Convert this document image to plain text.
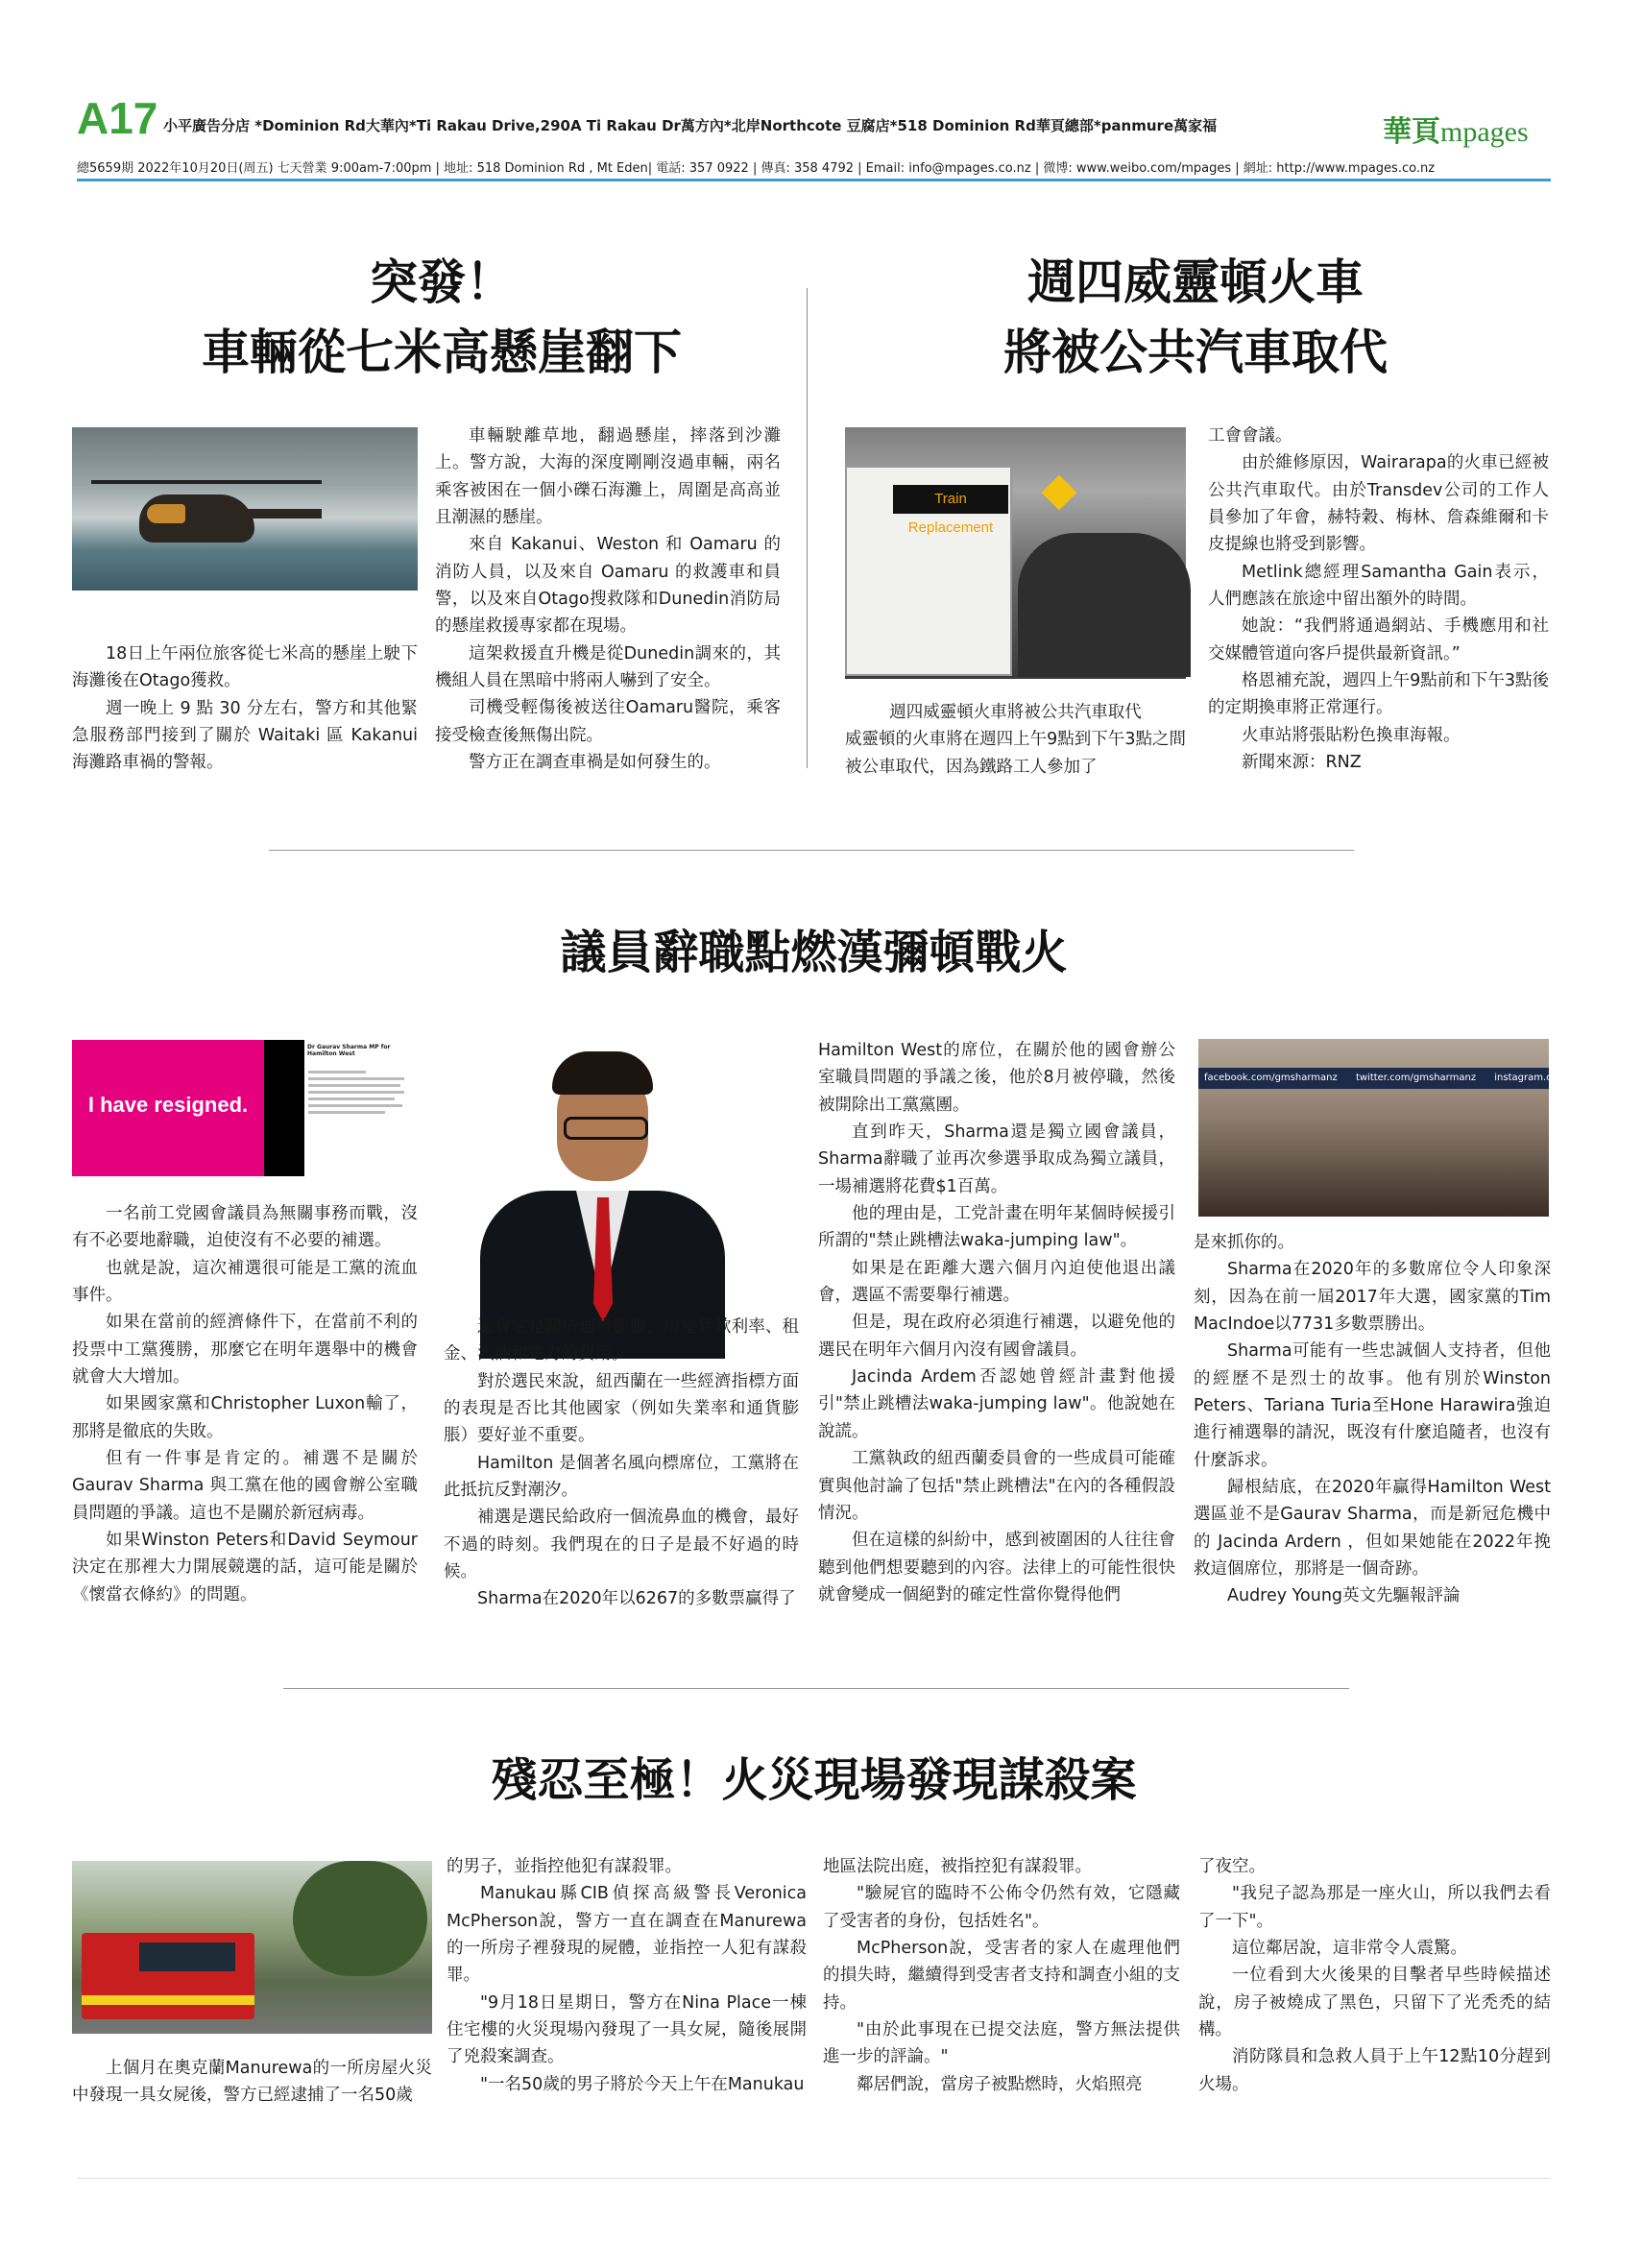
A17 小平廣告分店 *Dominion Rd大華內*Ti Rakau Drive,290A Ti Rakau Dr萬方內*北岸Northcote 豆腐店*518 Dominion Rd華頁總部*panmure萬家福	華頁mpages
總5659期 2022年10月20日(周五) 七天營業 9:00am-7:00pm | 地址: 518 Dominion Rd , Mt Eden| 電話: 357 0922 | 傳真: 358 4792 | Email: info@mpages.co.nz | 微博: www.weibo.com/mpages | 網址: http://www.mpages.co.nz
突發！
車輛從七米高懸崖翻下

18日上午兩位旅客從七米高的懸崖上駛下海灘後在Otago獲救。

週一晚上 9 點 30 分左右，警方和其他緊急服務部門接到了關於 Waitaki 區 Kakanui 海灘路車禍的警報。

車輛駛離草地，翻過懸崖，摔落到沙灘上。警方說，大海的深度剛剛沒過車輛，兩名乘客被困在一個小礫石海灘上，周圍是高高並且潮濕的懸崖。

來自 Kakanui、Weston 和 Oamaru 的消防人員，以及來自 Oamaru 的救護車和員警，以及來自Otago搜救隊和Dunedin消防局的懸崖救援專家都在現場。

這架救援直升機是從Dunedin調來的，其機組人員在黑暗中將兩人嚇到了安全。

司機受輕傷後被送往Oamaru醫院，乘客接受檢查後無傷出院。

警方正在調查車禍是如何發生的。

週四威靈頓火車
將被公共汽車取代
Train Replacement
週四威靈頓火車將被公共汽車取代
威靈頓的火車將在週四上午9點到下午3點之間被公車取代，因為鐵路工人參加了

工會會議。

由於維修原因，Wairarapa的火車已經被公共汽車取代。由於Transdev公司的工作人員參加了年會，赫特穀、梅林、詹森維爾和卡皮提線也將受到影響。

Metlink總經理Samantha Gain表示，人們應該在旅途中留出額外的時間。

她說：“我們將通過網站、手機應用和社交媒體管道向客戶提供最新資訊。”

格恩補充說，週四上午9點前和下午3點後的定期換車將正常運行。

火車站將張貼粉色換車海報。

新聞來源：RNZ

議員辭職點燃漢彌頓戰火
I have resigned.
Dr Gaurav Sharma MP for Hamilton West

一名前工党國會議員為無關事務而戰，沒有不必要地辭職，迫使沒有不必要的補選。

也就是說，這次補選很可能是工黨的流血事件。

如果在當前的經濟條件下，在當前不利的投票中工黨獲勝，那麼它在明年選舉中的機會就會大大增加。

如果國家黨和Christopher Luxon輸了，那將是徹底的失敗。

但有一件事是肯定的。補選不是關於Gaurav Sharma 與工黨在他的國會辦公室職員問題的爭議。這也不是關於新冠病毒。

如果Winston Peters和David Seymour決定在那裡大力開展競選的話，這可能是關於《懷當衣條約》的問題。

這肯定是關於通貨膨脹、房屋貸款利率、租金、汽油和電力的費用。

對於選民來說，紐西蘭在一些經濟指標方面的表現是否比其他國家（例如失業率和通貨膨脹）要好並不重要。

Hamilton 是個著名風向標席位，工黨將在此抵抗反對潮汐。

補選是選民給政府一個流鼻血的機會，最好不過的時刻。我們現在的日子是最不好過的時候。

Sharma在2020年以6267的多數票贏得了

Hamilton West的席位，在關於他的國會辦公室職員問題的爭議之後，他於8月被停職，然後被開除出工黨黨團。

直到昨天，Sharma還是獨立國會議員，Sharma辭職了並再次參選爭取成為獨立議員，一場補選將花費$1百萬。

他的理由是，工党計畫在明年某個時候援引所謂的"禁止跳槽法waka-jumping law"。

如果是在距離大選六個月內迫使他退出議會，選區不需要舉行補選。

但是，現在政府必須進行補選，以避免他的選民在明年六個月內沒有國會議員。

Jacinda Ardem否認她曾經計畫對他援引"禁止跳槽法waka-jumping law"。他說她在說謊。

工黨執政的紐西蘭委員會的一些成員可能確實與他討論了包括"禁止跳槽法"在內的各種假設情況。

但在這樣的糾紛中，感到被圍困的人往往會聽到他們想要聽到的內容。法律上的可能性很快就會變成一個絕對的確定性當你覺得他們

facebook.com/gmsharmanz twitter.com/gmsharmanz instagram.com/gmsharmanz

是來抓你的。

Sharma在2020年的多數席位令人印象深刻，因為在前一屆2017年大選，國家黨的Tim MacIndoe以7731多數票勝出。

Sharma可能有一些忠誠個人支持者，但他的經歷不是烈士的故事。他有別於Winston Peters、Tariana Turia至Hone Harawira強迫進行補選舉的請況，既沒有什麼追隨者，也沒有什麼訴求。

歸根結底，在2020年贏得Hamilton West選區並不是Gaurav Sharma，而是新冠危機中的 Jacinda Ardern ，但如果她能在2022年挽救這個席位，那將是一個奇跡。

Audrey Young英文先驅報評論

殘忍至極！火災現場發現謀殺案

上個月在奧克蘭Manurewa的一所房屋火災中發現一具女屍後，警方已經逮捕了一名50歲

的男子，並指控他犯有謀殺罪。

Manukau縣CIB偵探高級警長Veronica McPherson說，警方一直在調查在Manurewa的一所房子裡發現的屍體，並指控一人犯有謀殺罪。

"9月18日星期日，警方在Nina Place一棟住宅樓的火災現場內發現了一具女屍，隨後展開了兇殺案調查。

"一名50歲的男子將於今天上午在Manukau

地區法院出庭，被指控犯有謀殺罪。

"驗屍官的臨時不公佈令仍然有效，它隱藏了受害者的身份，包括姓名"。

McPherson說，受害者的家人在處理他們的損失時，繼續得到受害者支持和調查小組的支持。

"由於此事現在已提交法庭，警方無法提供進一步的評論。"

鄰居們說，當房子被點燃時，火焰照亮

了夜空。

"我兒子認為那是一座火山，所以我們去看了一下"。

這位鄰居說，這非常令人震驚。

一位看到大火後果的目擊者早些時候描述說，房子被燒成了黑色，只留下了光禿禿的結構。

消防隊員和急救人員于上午12點10分趕到火場。
